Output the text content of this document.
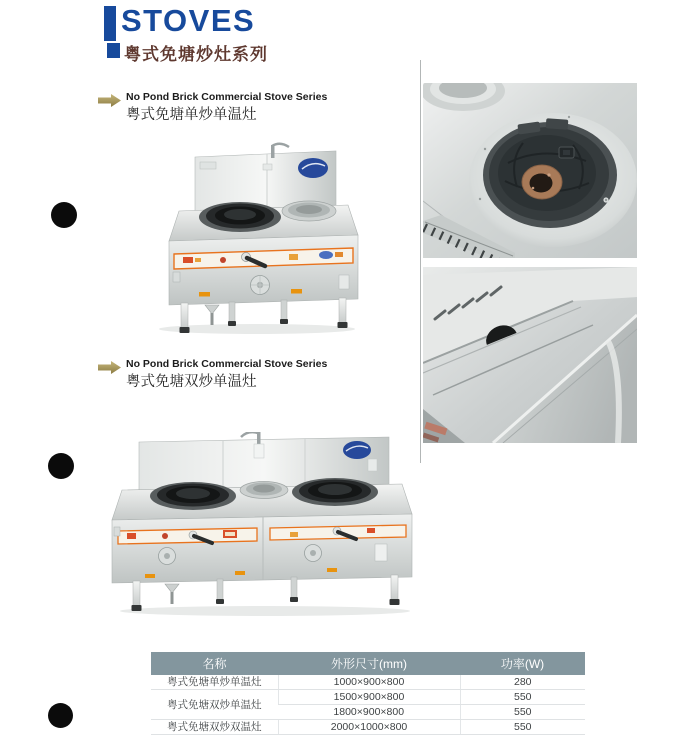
STOVES
粤式免塘炒灶系列
No Pond Brick Commercial Stove Series
粤式免塘单炒单温灶
No Pond Brick Commercial Stove Series
粤式免塘双炒单温灶
名称	外形尺寸(mm)	功率(W)
粤式免塘单炒单温灶	1000×900×800	280
粤式免塘双炒单温灶	1500×900×800	550
	1800×900×800	550
粤式免塘双炒双温灶	2000×1000×800	550
